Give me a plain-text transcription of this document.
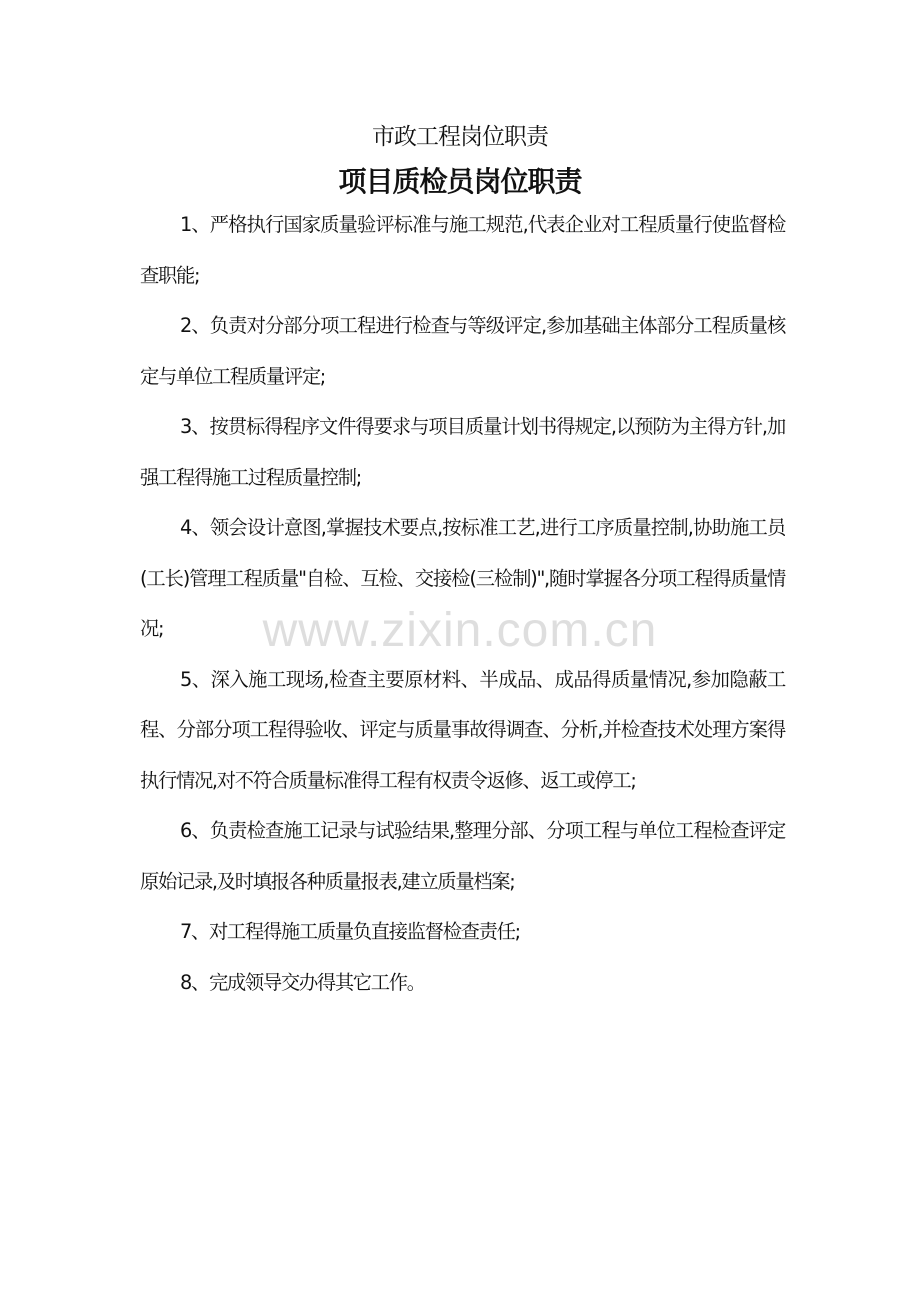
市政工程岗位职责
项目质检员岗位职责

1、严格执行国家质量验评标准与施工规范,代表企业对工程质量行使监督检查职能;

2、负责对分部分项工程进行检查与等级评定,参加基础主体部分工程质量核定与单位工程质量评定;

3、按贯标得程序文件得要求与项目质量计划书得规定,以预防为主得方针,加强工程得施工过程质量控制;

4、领会设计意图,掌握技术要点,按标准工艺,进行工序质量控制,协助施工员(工长)管理工程质量"自检、互检、交接检(三检制)",随时掌握各分项工程得质量情况;

5、深入施工现场,检查主要原材料、半成品、成品得质量情况,参加隐蔽工程、分部分项工程得验收、评定与质量事故得调查、分析,并检查技术处理方案得执行情况,对不符合质量标准得工程有权责令返修、返工或停工;

6、负责检查施工记录与试验结果,整理分部、分项工程与单位工程检查评定原始记录,及时填报各种质量报表,建立质量档案;

7、对工程得施工质量负直接监督检查责任;

8、完成领导交办得其它工作。

www.zixin.com.cn
